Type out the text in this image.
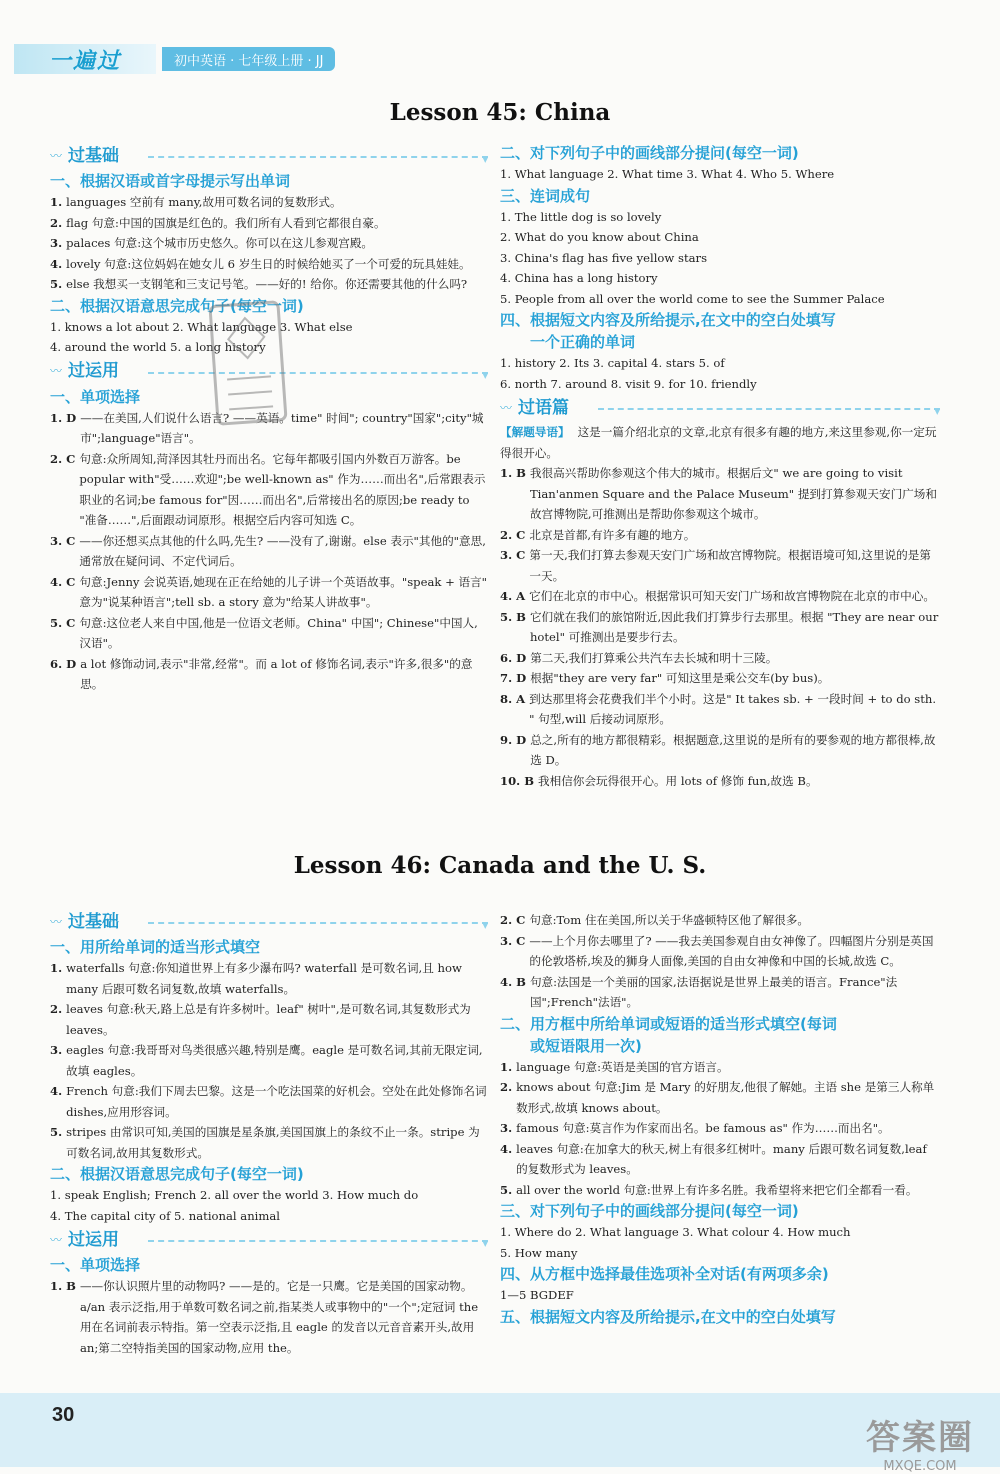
一遍过	初中英语 · 七年级上册 · JJ
Lesson 45: China
〰 过基础	▾
一、根据汉语或首字母提示写出单词
1. languages 空前有 many,故用可数名词的复数形式。
2. flag 句意:中国的国旗是红色的。我们所有人看到它都很自豪。
3. palaces 句意:这个城市历史悠久。你可以在这儿参观宫殿。
4. lovely 句意:这位妈妈在她女儿 6 岁生日的时候给她买了一个可爱的玩具娃娃。
5. else 我想买一支钢笔和三支记号笔。——好的! 给你。你还需要其他的什么吗?
二、根据汉语意思完成句子(每空一词)
1. knows a lot about 2. What language 3. What else
4. around the world 5. a long history
〰 过运用	▾
一、单项选择
1. D ——在美国,人们说什么语言? ——英语。time" 时间"; country"国家";city"城市";language"语言"。
2. C 句意:众所周知,菏泽因其牡丹而出名。它每年都吸引国内外数百万游客。be popular with"受……欢迎";be well-known as" 作为……而出名",后常跟表示职业的名词;be famous for"因……而出名",后常接出名的原因;be ready to "准备……",后面跟动词原形。根据空后内容可知选 C。
3. C ——你还想买点其他的什么吗,先生? ——没有了,谢谢。else 表示"其他的"意思,通常放在疑问词、不定代词后。
4. C 句意:Jenny 会说英语,她现在正在给她的儿子讲一个英语故事。"speak + 语言" 意为"说某种语言";tell sb. a story 意为"给某人讲故事"。
5. C 句意:这位老人来自中国,他是一位语文老师。China" 中国"; Chinese"中国人,汉语"。
6. D a lot 修饰动词,表示"非常,经常"。而 a lot of 修饰名词,表示"许多,很多"的意思。
二、对下列句子中的画线部分提问(每空一词)
1. What language 2. What time 3. What 4. Who 5. Where
三、连词成句
1. The little dog is so lovely
2. What do you know about China
3. China's flag has five yellow stars
4. China has a long history
5. People from all over the world come to see the Summer Palace
四、根据短文内容及所给提示,在文中的空白处填写
一个正确的单词
1. history 2. Its 3. capital 4. stars 5. of
6. north 7. around 8. visit 9. for 10. friendly
〰 过语篇	▾
【解题导语】 这是一篇介绍北京的文章,北京有很多有趣的地方,来这里参观,你一定玩得很开心。
1. B 我很高兴帮助你参观这个伟大的城市。根据后文" we are going to visit Tian'anmen Square and the Palace Museum" 提到打算参观天安门广场和故宫博物院,可推测出是帮助你参观这个城市。
2. C 北京是首都,有许多有趣的地方。
3. C 第一天,我们打算去参观天安门广场和故宫博物院。根据语境可知,这里说的是第一天。
4. A 它们在北京的市中心。根据常识可知天安门广场和故宫博物院在北京的市中心。
5. B 它们就在我们的旅馆附近,因此我们打算步行去那里。根据 "They are near our hotel" 可推测出是要步行去。
6. D 第二天,我们打算乘公共汽车去长城和明十三陵。
7. D 根据"they are very far" 可知这里是乘公交车(by bus)。
8. A 到达那里将会花费我们半个小时。这是" It takes sb. + 一段时间 + to do sth. " 句型,will 后接动词原形。
9. D 总之,所有的地方都很精彩。根据题意,这里说的是所有的要参观的地方都很棒,故选 D。
10. B 我相信你会玩得很开心。用 lots of 修饰 fun,故选 B。
Lesson 46: Canada and the U. S.
〰 过基础	▾
一、用所给单词的适当形式填空
1. waterfalls 句意:你知道世界上有多少瀑布吗? waterfall 是可数名词,且 how many 后跟可数名词复数,故填 waterfalls。
2. leaves 句意:秋天,路上总是有许多树叶。leaf" 树叶",是可数名词,其复数形式为 leaves。
3. eagles 句意:我哥哥对鸟类很感兴趣,特别是鹰。eagle 是可数名词,其前无限定词,故填 eagles。
4. French 句意:我们下周去巴黎。这是一个吃法国菜的好机会。空处在此处修饰名词 dishes,应用形容词。
5. stripes 由常识可知,美国的国旗是星条旗,美国国旗上的条纹不止一条。stripe 为可数名词,故用其复数形式。
二、根据汉语意思完成句子(每空一词)
1. speak English; French 2. all over the world 3. How much do
4. The capital city of 5. national animal
〰 过运用	▾
一、单项选择
1. B ——你认识照片里的动物吗? ——是的。它是一只鹰。它是美国的国家动物。a/an 表示泛指,用于单数可数名词之前,指某类人或事物中的"一个";定冠词 the 用在名词前表示特指。第一空表示泛指,且 eagle 的发音以元音音素开头,故用 an;第二空特指美国的国家动物,应用 the。
2. C 句意:Tom 住在美国,所以关于华盛顿特区他了解很多。
3. C ——上个月你去哪里了? ——我去美国参观自由女神像了。四幅图片分别是英国的伦敦塔桥,埃及的狮身人面像,美国的自由女神像和中国的长城,故选 C。
4. B 句意:法国是一个美丽的国家,法语据说是世界上最美的语言。France"法国";French"法语"。
二、用方框中所给单词或短语的适当形式填空(每词
或短语限用一次)
1. language 句意:英语是美国的官方语言。
2. knows about 句意:Jim 是 Mary 的好朋友,他很了解她。主语 she 是第三人称单数形式,故填 knows about。
3. famous 句意:莫言作为作家而出名。be famous as" 作为……而出名"。
4. leaves 句意:在加拿大的秋天,树上有很多红树叶。many 后跟可数名词复数,leaf 的复数形式为 leaves。
5. all over the world 句意:世界上有许多名胜。我希望将来把它们全都看一看。
三、对下列句子中的画线部分提问(每空一词)
1. Where do 2. What language 3. What colour 4. How much
5. How many
四、从方框中选择最佳选项补全对话(有两项多余)
1—5 BGDEF
五、根据短文内容及所给提示,在文中的空白处填写
30
答案圈
MXQE.COM
